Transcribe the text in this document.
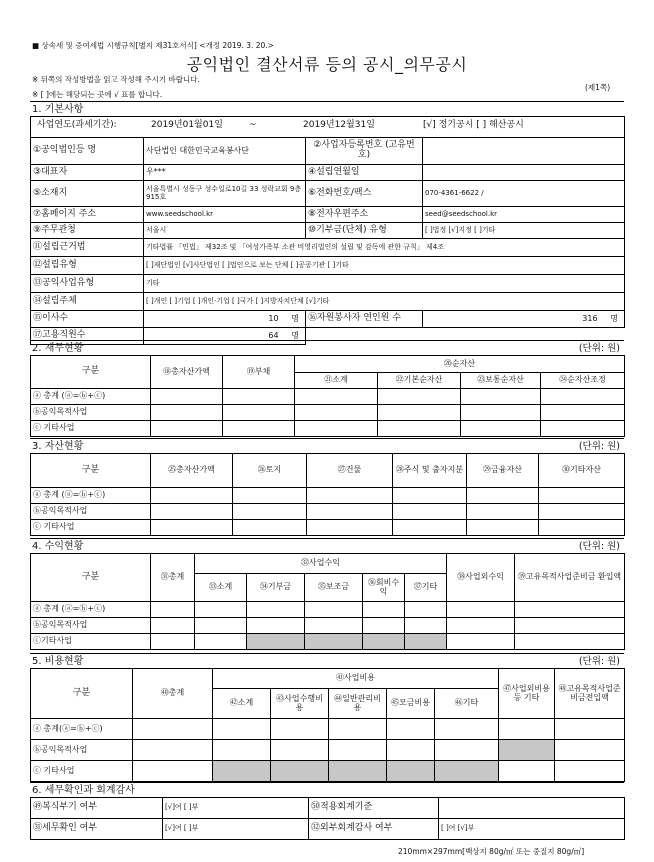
■ 상속세 및 증여세법 시행규칙[별지 제31호서식] <개정 2019. 3. 20.>
공익법인 결산서류 등의 공시_의무공시
※ 뒤쪽의 작성방법을 읽고 작성해 주시기 바랍니다.
※ [ ]에는 해당되는 곳에 √ 표를 합니다.
(제1쪽)
1. 기본사항
사업연도(과세기간): 2019년01월01일 ~ 2019년12월31일 [√] 정기공시 [ ] 해산공시			

①공익법인등 명	사단법인 대한민국교육봉사단	②사업자등록번호 (고유번호)	
③대표자	우***	④설립연월일	
⑤소재지	서울특별시 성동구 성수일로10길 33 성락교회 9층 915호	⑥전화번호/팩스	070-4361-6622 /
⑦홈페이지 주소	www.seedschool.kr	⑧전자우편주소	seed@seedschool.kr
⑨주무관청	서울시	⑩기부금(단체) 유형	[ ]법정 [√]지정 [ ]기타
⑪설립근거법	기타법률 「민법」 제32조 및 「여성가족부 소관 비영리법인의 설립 및 감독에 관한 규칙」 제4조		
⑫설립유형	[ ]재단법인 [√]사단법인 [ ]법인으로 보는 단체 [ ]공공기관 [ ]기타		
⑬공익사업유형	기타		
⑭설립주체	[ ]개인 [ ]기업 [ ]개인·기업 [ ]국가 [ ]지방자치단체 [√]기타		
⑮이사수	10 명	⑯자원봉사자 연인원 수	316 명
⑰고용직원수	64 명		
2. 재무현황	(단위: 원)
구분	⑱총자산가액	⑲부채	⑳순자산			
			㉑소계	㉒기본순자산	㉓보통순자산	㉔순자산조정
ⓐ 총계 (ⓐ=ⓑ+ⓒ)						
ⓑ공익목적사업						
ⓒ 기타사업						
3. 자산현황	(단위: 원)
구분	㉕총자산가액	㉖토지	㉗건물	㉘주식 및 출자지분	㉙금융자산	㉚기타자산
ⓐ 총계 (ⓐ=ⓑ+ⓒ)						
ⓑ공익목적사업						
ⓒ 기타사업						
4. 수익현황	(단위: 원)
구분	㉛총계	㉜사업수익					㊳사업외수익	㊴고유목적사업준비금 환입액
		㉝소계	㉞기부금	㉟보조금	㊱회비수익	㊲기타		
ⓐ 총계 (ⓐ=ⓑ+ⓒ)								
ⓑ공익목적사업								
ⓒ기타사업								
5. 비용현황	(단위: 원)
구분	㊵총계	㊶사업비용					㊼사업외비용 등 기타	㊽고유목적사업준비금전입액
		㊷소계	㊸사업수행비용	㊹일반관리비용	㊺모금비용	㊻기타		
ⓐ 총계(ⓐ=ⓑ+ⓒ)								
ⓑ공익목적사업								
ⓒ 기타사업								
6. 세무확인과 회계감사
㊾복식부기 여부	[√]여 [ ]부	㊿적용회계기준	
㉛세무확인 여부	[√]여 [ ]부	㉜외부회계감사 여부	[ ]여 [√]부
210mm×297mm[백상지 80g/㎡ 또는 중질지 80g/㎡]
